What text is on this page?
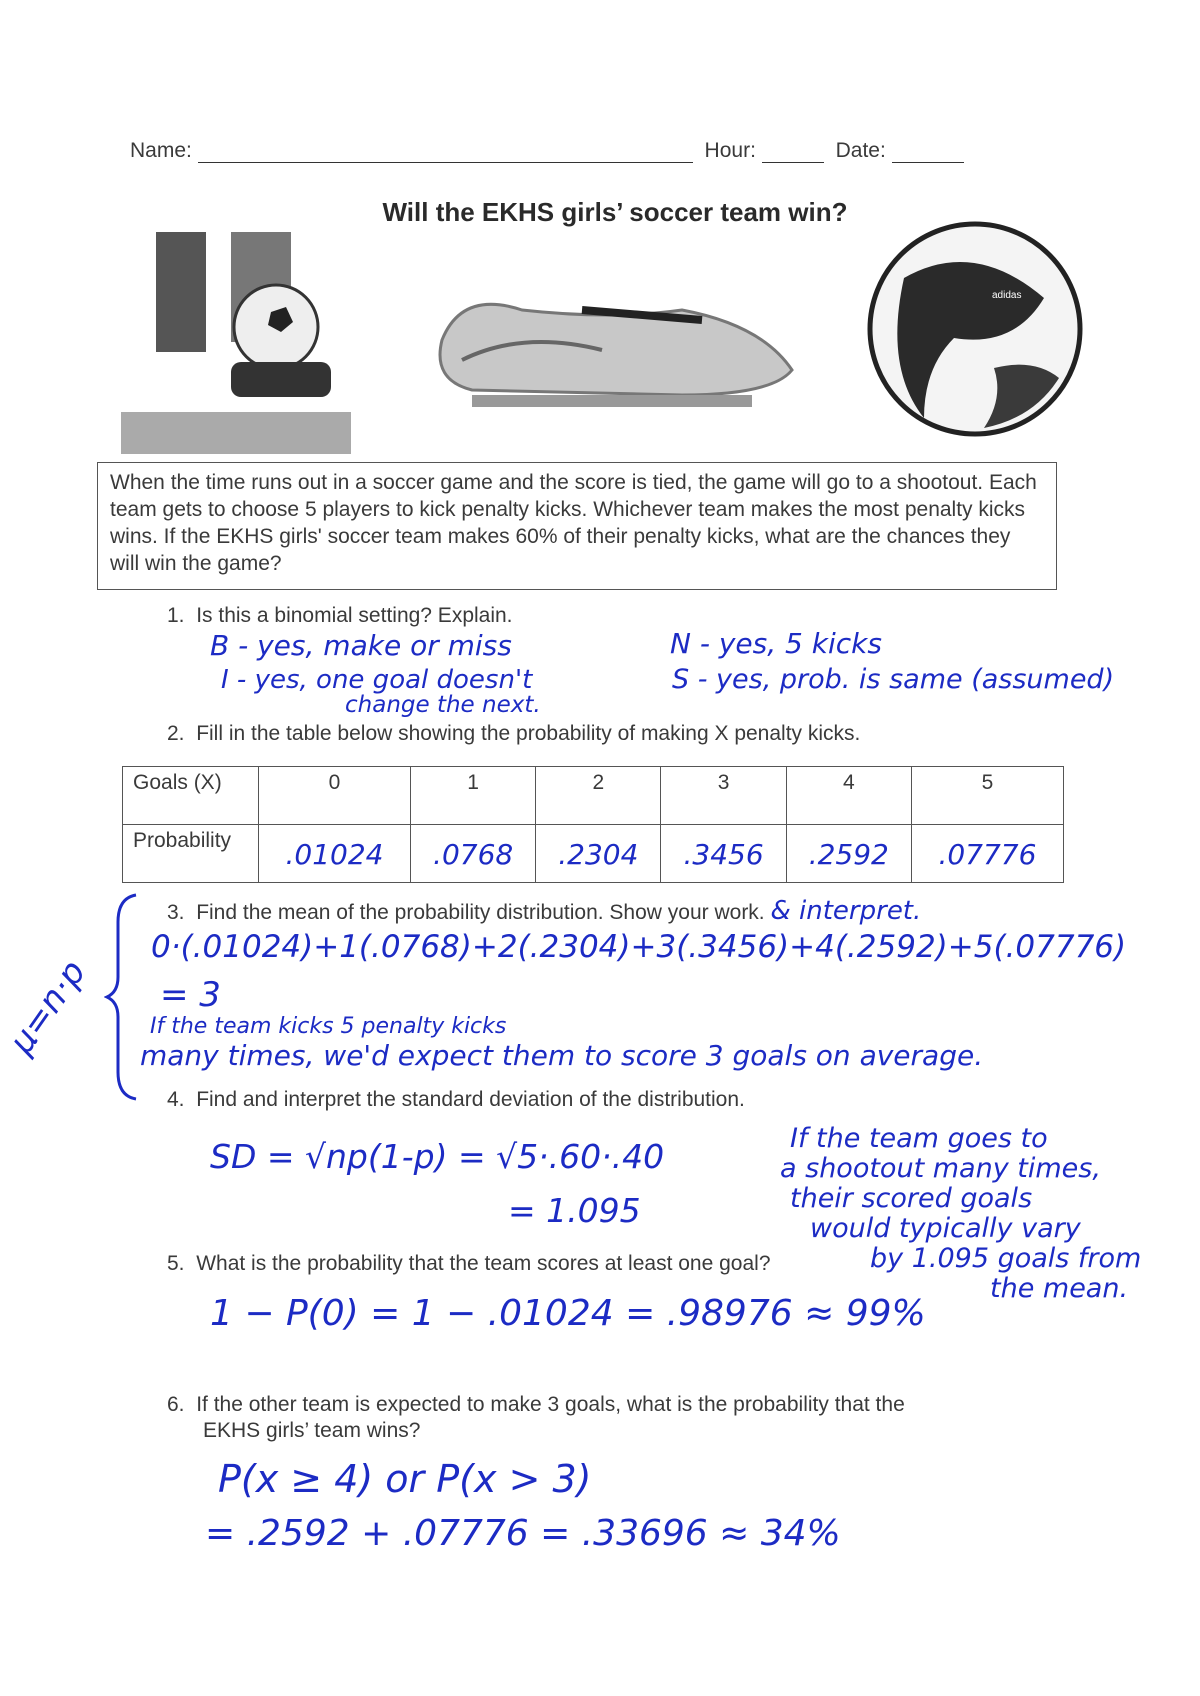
Name:	Hour:	Date:
Will the EKHS girls’ soccer team win?
adidas
When the time runs out in a soccer game and the score is tied, the game will go to a shootout. Each team gets to choose 5 players to kick penalty kicks. Whichever team makes the most penalty kicks wins. If the EKHS girls' soccer team makes 60% of their penalty kicks, what are the chances they will win the game?
1. Is this a binomial setting? Explain.
B - yes, make or miss	N - yes, 5 kicks
I - yes, one goal doesn't
change the next.
S - yes, prob. is same (assumed)
2. Fill in the table below showing the probability of making X penalty kicks.
Goals (X)	0	1	2	3	4	5
Probability	.01024	.0768	.2304	.3456	.2592	.07776
μ=n·p
3. Find the mean of the probability distribution. Show your work. & interpret.
0·(.01024)+1(.0768)+2(.2304)+3(.3456)+4(.2592)+5(.07776)
= 3
If the team kicks 5 penalty kicks
many times, we'd expect them to score 3 goals on average.
4. Find and interpret the standard deviation of the distribution.
SD = √np(1-p) = √5·.60·.40
= 1.095
If the team goes to
a shootout many times,
their scored goals
would typically vary
by 1.095 goals from
the mean.
5. What is the probability that the team scores at least one goal?
1 − P(0) = 1 − .01024 = .98976 ≈ 99%
6. If the other team is expected to make 3 goals, what is the probability that the
EKHS girls’ team wins?
P(x ≥ 4) or P(x > 3)
= .2592 + .07776 = .33696 ≈ 34%
